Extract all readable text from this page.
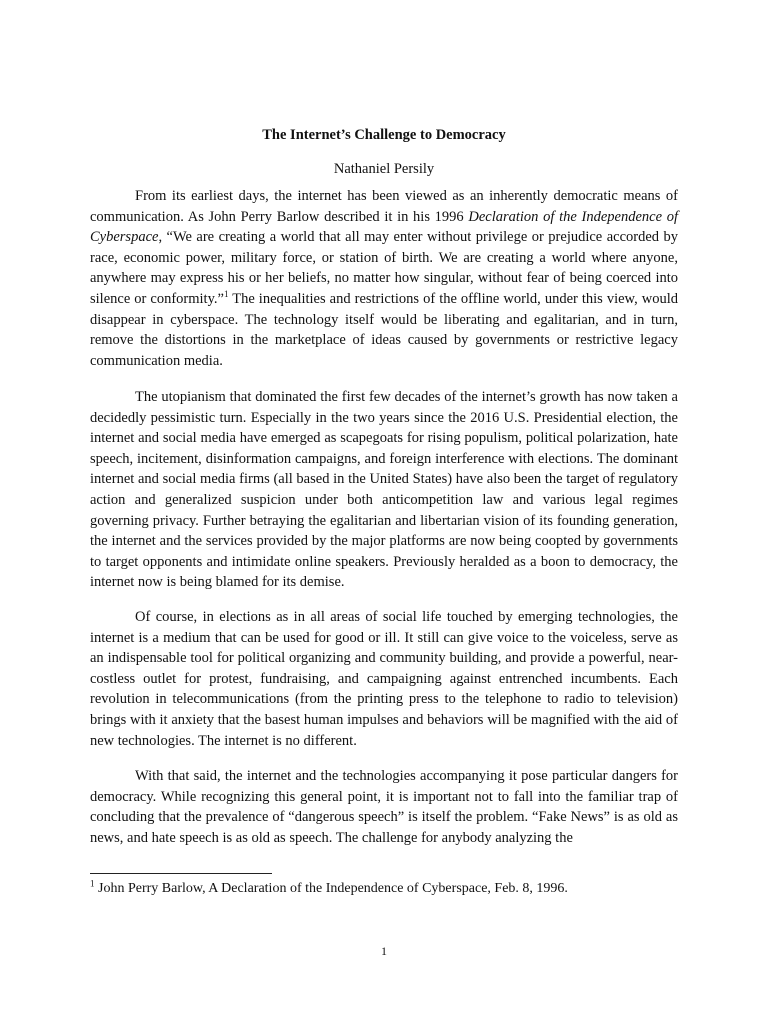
The Internet’s Challenge to Democracy
Nathaniel Persily

From its earliest days, the internet has been viewed as an inherently democratic means of communication. As John Perry Barlow described it in his 1996 Declaration of the Independence of Cyberspace, “We are creating a world that all may enter without privilege or prejudice accorded by race, economic power, military force, or station of birth. We are creating a world where anyone, anywhere may express his or her beliefs, no matter how singular, without fear of being coerced into silence or conformity.”$^1$ The inequalities and restrictions of the offline world, under this view, would disappear in cyberspace. The technology itself would be liberating and egalitarian, and in turn, remove the distortions in the marketplace of ideas caused by governments or restrictive legacy communication media.

The utopianism that dominated the first few decades of the internet’s growth has now taken a decidedly pessimistic turn. Especially in the two years since the 2016 U.S. Presidential election, the internet and social media have emerged as scapegoats for rising populism, political polarization, hate speech, incitement, disinformation campaigns, and foreign interference with elections. The dominant internet and social media firms (all based in the United States) have also been the target of regulatory action and generalized suspicion under both anticompetition law and various legal regimes governing privacy. Further betraying the egalitarian and libertarian vision of its founding generation, the internet and the services provided by the major platforms are now being coopted by governments to target opponents and intimidate online speakers. Previously heralded as a boon to democracy, the internet now is being blamed for its demise.

Of course, in elections as in all areas of social life touched by emerging technologies, the internet is a medium that can be used for good or ill. It still can give voice to the voiceless, serve as an indispensable tool for political organizing and community building, and provide a powerful, near-costless outlet for protest, fundraising, and campaigning against entrenched incumbents. Each revolution in telecommunications (from the printing press to the telephone to radio to television) brings with it anxiety that the basest human impulses and behaviors will be magnified with the aid of new technologies. The internet is no different.

With that said, the internet and the technologies accompanying it pose particular dangers for democracy. While recognizing this general point, it is important not to fall into the familiar trap of concluding that the prevalence of “dangerous speech” is itself the problem. “Fake News” is as old as news, and hate speech is as old as speech. The challenge for anybody analyzing the

$^1$ John Perry Barlow, A Declaration of the Independence of Cyberspace, Feb. 8, 1996.
1
